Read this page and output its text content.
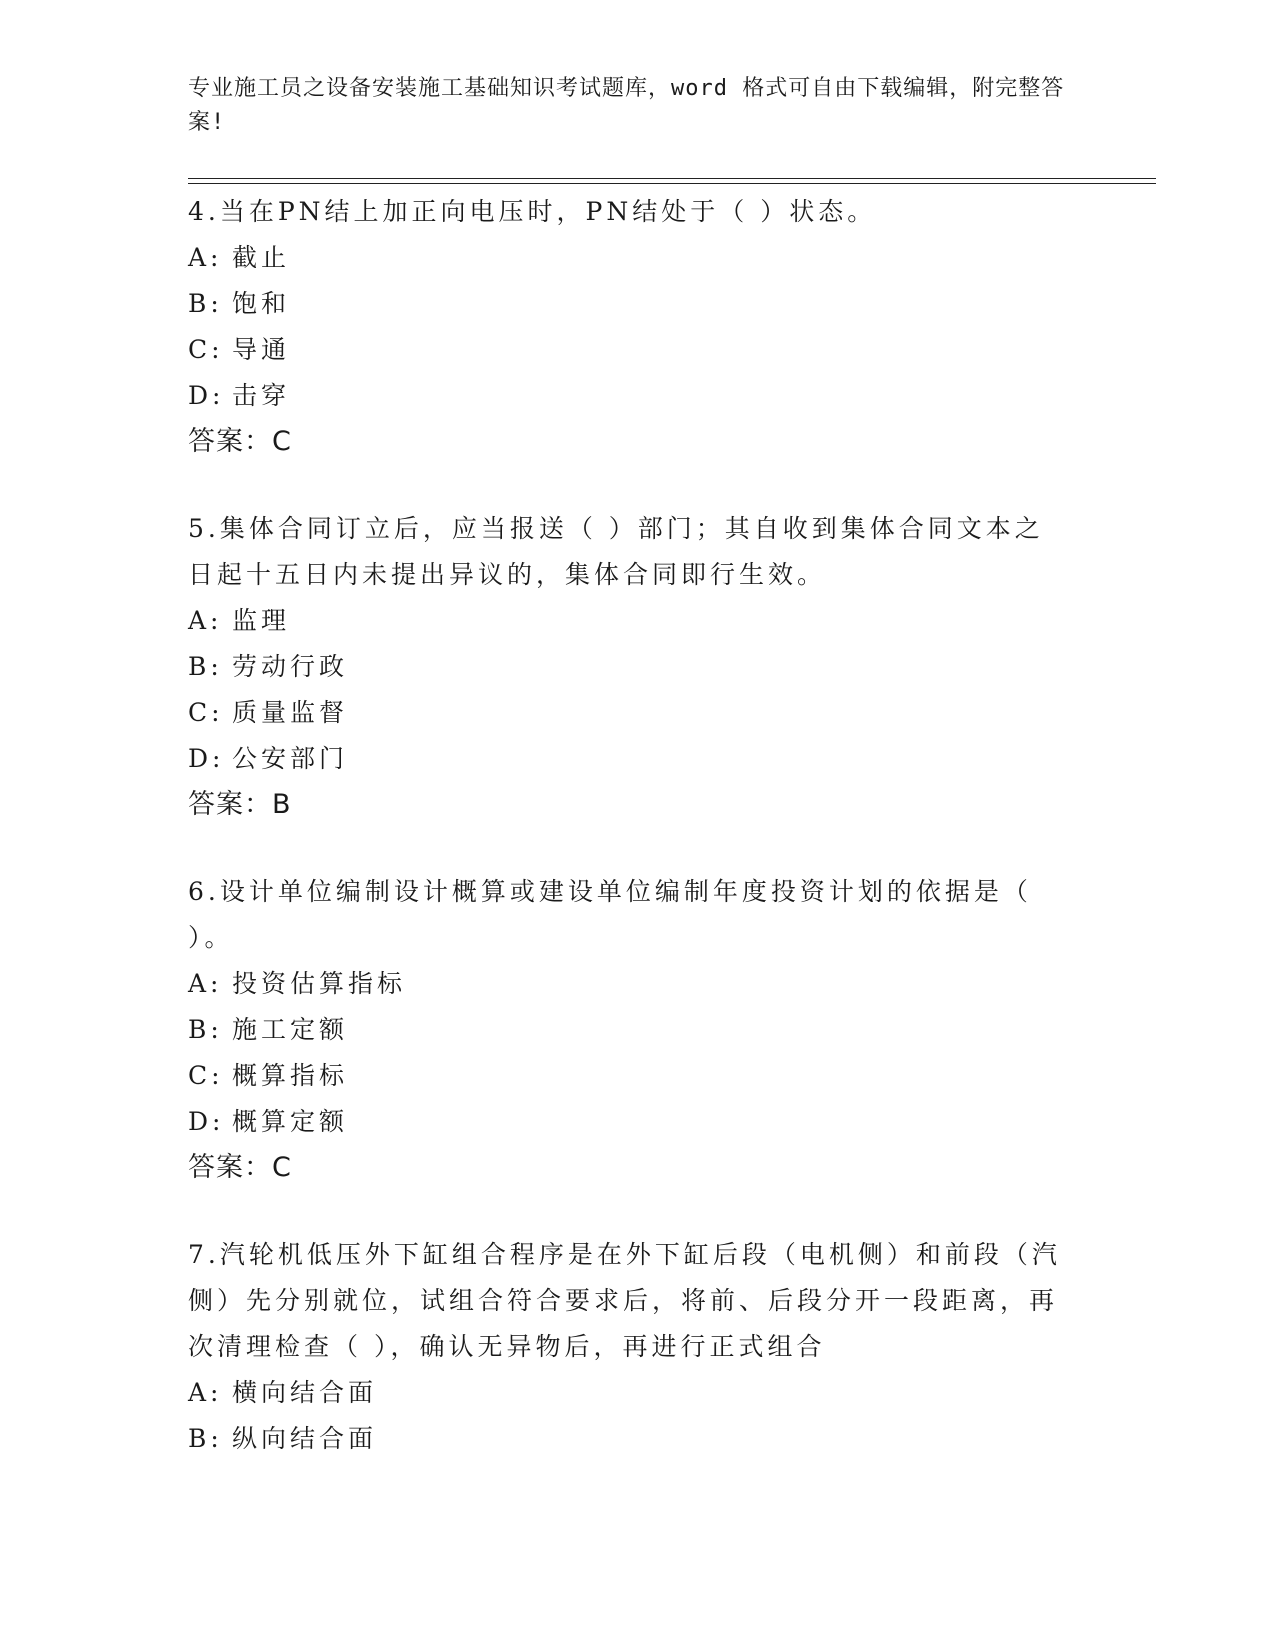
专业施工员之设备安装施工基础知识考试题库，word 格式可自由下载编辑，附完整答案!
4.当在PN结上加正向电压时，PN结处于（ ）状态。
A: 截止
B: 饱和
C: 导通
D: 击穿
答案：C
5.集体合同订立后，应当报送（ ）部门；其自收到集体合同文本之日起十五日内未提出异议的，集体合同即行生效。
A: 监理
B: 劳动行政
C: 质量监督
D: 公安部门
答案：B
6.设计单位编制设计概算或建设单位编制年度投资计划的依据是（ ）。
A: 投资估算指标
B: 施工定额
C: 概算指标
D: 概算定额
答案：C
7.汽轮机低压外下缸组合程序是在外下缸后段（电机侧）和前段（汽侧）先分别就位，试组合符合要求后，将前、后段分开一段距离，再次清理检查（ ），确认无异物后，再进行正式组合
A: 横向结合面
B: 纵向结合面
